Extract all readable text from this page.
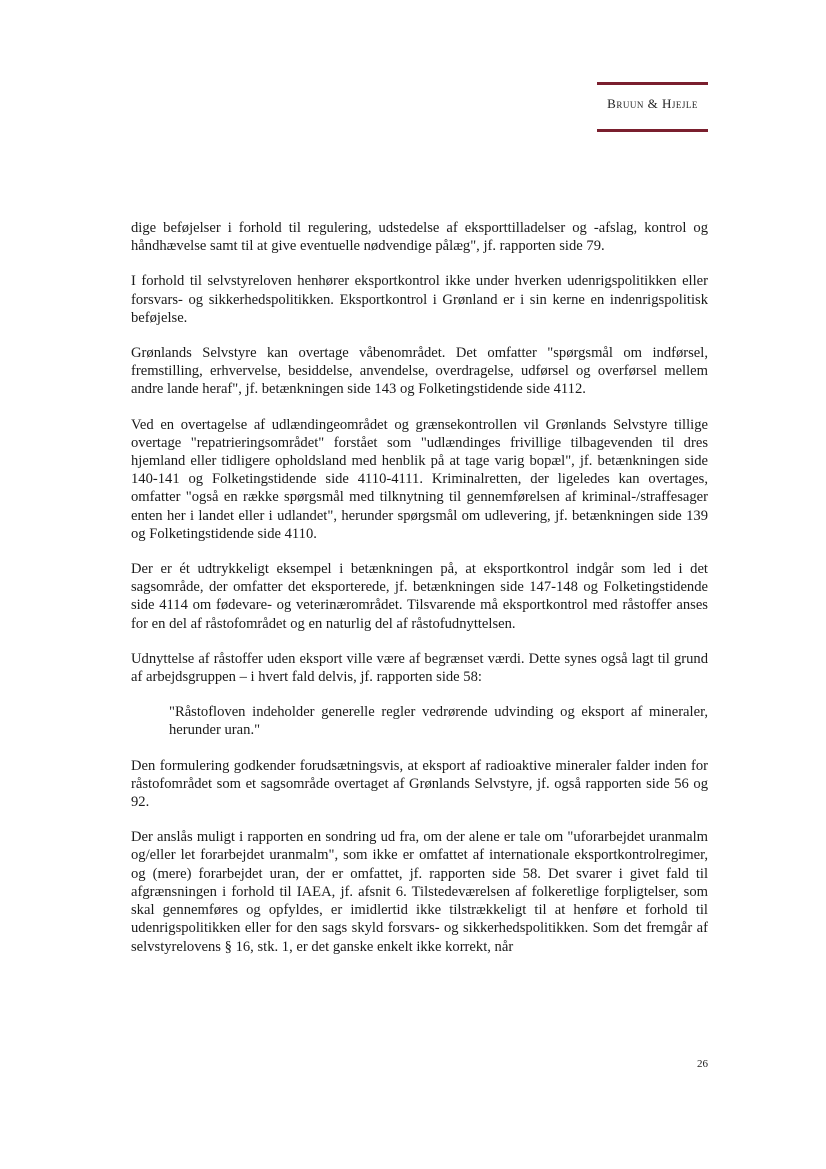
Bruun & Hjejle

dige beføjelser i forhold til regulering, udstedelse af eksporttilladelser og -afslag, kontrol og håndhævelse samt til at give eventuelle nødvendige pålæg", jf. rapporten side 79.

I forhold til selvstyreloven henhører eksportkontrol ikke under hverken udenrigspolitikken eller forsvars- og sikkerhedspolitikken. Eksportkontrol i Grønland er i sin kerne en indenrigspolitisk beføjelse.

Grønlands Selvstyre kan overtage våbenområdet. Det omfatter "spørgsmål om indførsel, fremstilling, erhvervelse, besiddelse, anvendelse, overdragelse, udførsel og overførsel mellem andre lande heraf", jf. betænkningen side 143 og Folketingstidende side 4112.

Ved en overtagelse af udlændingeområdet og grænsekontrollen vil Grønlands Selvstyre tillige overtage "repatrieringsområdet" forstået som "udlændinges frivillige tilbagevenden til dres hjemland eller tidligere opholdsland med henblik på at tage varig bopæl", jf. betænkningen side 140-141 og Folketingstidende side 4110-4111. Kriminalretten, der ligeledes kan overtages, omfatter "også en række spørgsmål med tilknytning til gennemførelsen af kriminal-/straffesager enten her i landet eller i udlandet", herunder spørgsmål om udlevering, jf. betænkningen side 139 og Folketingstidende side 4110.

Der er ét udtrykkeligt eksempel i betænkningen på, at eksportkontrol indgår som led i det sagsområde, der omfatter det eksporterede, jf. betænkningen side 147-148 og Folketingstidende side 4114 om fødevare- og veterinærområdet. Tilsvarende må eksportkontrol med råstoffer anses for en del af råstofområdet og en naturlig del af råstofudnyttelsen.

Udnyttelse af råstoffer uden eksport ville være af begrænset værdi. Dette synes også lagt til grund af arbejdsgruppen – i hvert fald delvis, jf. rapporten side 58:

"Råstofloven indeholder generelle regler vedrørende udvinding og eksport af mineraler, herunder uran."

Den formulering godkender forudsætningsvis, at eksport af radioaktive mineraler falder inden for råstofområdet som et sagsområde overtaget af Grønlands Selvstyre, jf. også rapporten side 56 og 92.

Der anslås muligt i rapporten en sondring ud fra, om der alene er tale om "uforarbejdet uranmalm og/eller let forarbejdet uranmalm", som ikke er omfattet af internationale eksportkontrolregimer, og (mere) forarbejdet uran, der er omfattet, jf. rapporten side 58. Det svarer i givet fald til afgrænsningen i forhold til IAEA, jf. afsnit 6. Tilstedeværelsen af folkeretlige forpligtelser, som skal gennemføres og opfyldes, er imidlertid ikke tilstrækkeligt til at henføre et forhold til udenrigspolitikken eller for den sags skyld forsvars- og sikkerhedspolitikken. Som det fremgår af selvstyrelovens § 16, stk. 1, er det ganske enkelt ikke korrekt, når

26
